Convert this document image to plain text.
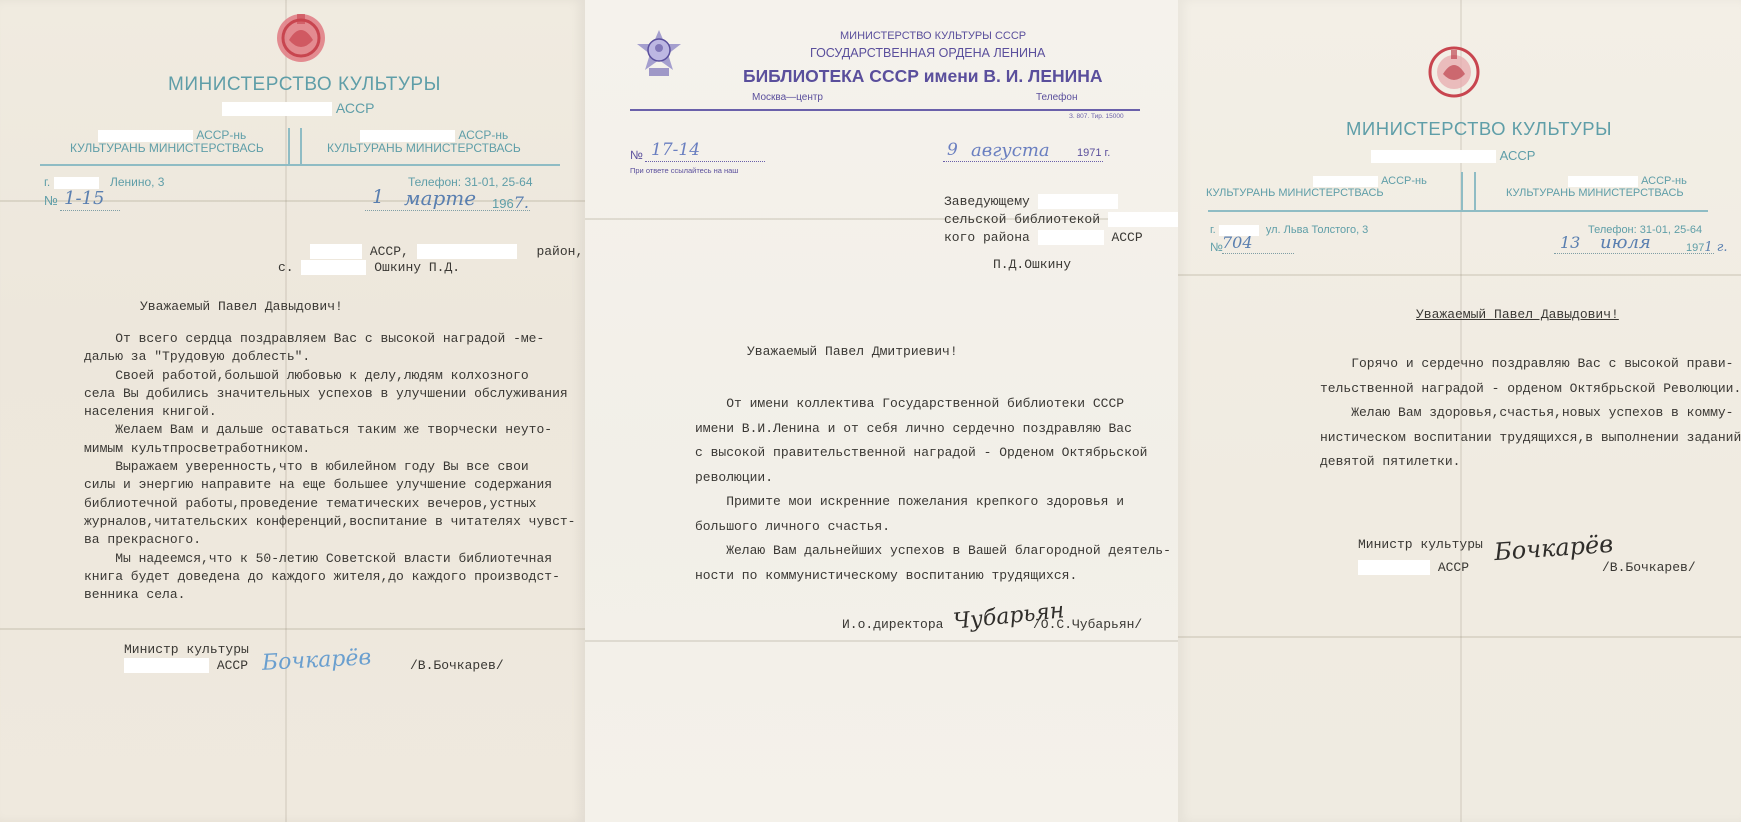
МИНИСТЕРСТВО КУЛЬТУРЫ
АССР
АССР-нь
КУЛЬТУРАНЬ МИНИСТЕРСТВАСЬ
АССР-нь
КУЛЬТУРАНЬ МИНИСТЕРСТВАСЬ
г.	Ленино, 3	Телефон: 31-01, 25-64
№ 1-15	1 марте 1967.
АССР,	район,
с.	Ошкину П.Д.
Уважаемый Павел Давыдович!

От всего сердца поздравляем Вас с высокой наградой -ме-

далью за "Трудовую доблесть".

Своей работой,большой любовью к делу,людям колхозного

села Вы добились значительных успехов в улучшении обслуживания

населения книгой.

Желаем Вам и дальше оставаться таким же творчески неуто-

мимым культпросветработником.

Выражаем уверенность,что в юбилейном году Вы все свои

силы и энергию направите на еще большее улучшение содержания

библиотечной работы,проведение тематических вечеров,устных

журналов,читательских конференций,воспитание в читателях чувст-

ва прекрасного.

Мы надеемся,что к 50-летию Советской власти библиотечная

книга будет доведена до каждого жителя,до каждого производст-

венника села.

Министр культуры
АССР Бочкарёв	/В.Бочкарев/
МИНИСТЕРСТВО КУЛЬТУРЫ СССР
ГОСУДАРСТВЕННАЯ ОРДЕНА ЛЕНИНА
БИБЛИОТЕКА СССР имени В. И. ЛЕНИНА
Москва—центр	Телефон
З. 807. Тир. 15000
№ 17-14
При ответе ссылайтесь на наш
9 августа 1971 г.
Заведующему
сельской библиотекой
кого района	АССР
П.Д.Ошкину
Уважаемый Павел Дмитриевич!

От имени коллектива Государственной библиотеки СССР

имени В.И.Ленина и от себя лично сердечно поздравляю Вас

с высокой правительственной наградой - Орденом Октябрьской

революции.

Примите мои искренние пожелания крепкого здоровья и

большого личного счастья.

Желаю Вам дальнейших успехов в Вашей благородной деятель-

ности по коммунистическому воспитанию трудящихся.

И.о.директора Чубарьян
/О.С.Чубарьян/
МИНИСТЕРСТВО КУЛЬТУРЫ
АССР
АССР-нь
КУЛЬТУРАНЬ МИНИСТЕРСТВАСЬ
АССР-нь
КУЛЬТУРАНЬ МИНИСТЕРСТВАСЬ
г.	ул. Льва Толстого, 3	Телефон: 31-01, 25-64
№ 704	13 июля	1971 г.
Уважаемый Павел Давыдович!

Горячо и сердечно поздравляю Вас с высокой прави-

тельственной наградой - орденом Октябрьской Революции.

Желаю Вам здоровья,счастья,новых успехов в комму-

нистическом воспитании трудящихся,в выполнении заданий

девятой пятилетки.

Министр культуры
АССР
Бочкарёв
/В.Бочкарев/
